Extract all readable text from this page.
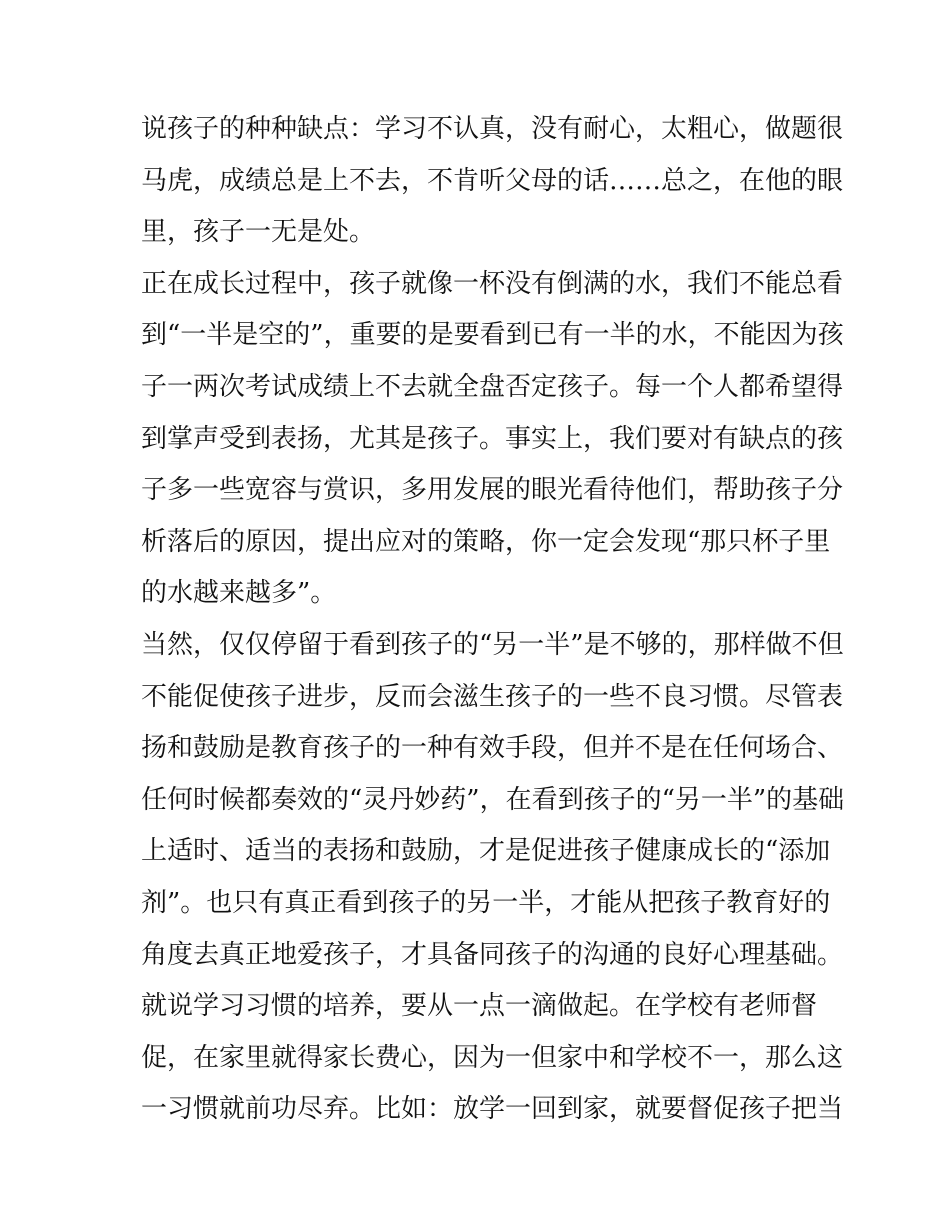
说孩子的种种缺点：学习不认真，没有耐心，太粗心，做题很
马虎，成绩总是上不去，不肯听父母的话……总之，在他的眼
里，孩子一无是处。
正在成长过程中，孩子就像一杯没有倒满的水，我们不能总看
到“一半是空的”，重要的是要看到已有一半的水，不能因为孩
子一两次考试成绩上不去就全盘否定孩子。每一个人都希望得
到掌声受到表扬，尤其是孩子。事实上，我们要对有缺点的孩
子多一些宽容与赏识，多用发展的眼光看待他们，帮助孩子分
析落后的原因，提出应对的策略，你一定会发现“那只杯子里
的水越来越多”。
当然，仅仅停留于看到孩子的“另一半”是不够的，那样做不但
不能促使孩子进步，反而会滋生孩子的一些不良习惯。尽管表
扬和鼓励是教育孩子的一种有效手段，但并不是在任何场合、
任何时候都奏效的“灵丹妙药”，在看到孩子的“另一半”的基础
上适时、适当的表扬和鼓励，才是促进孩子健康成长的“添加
剂”。也只有真正看到孩子的另一半，才能从把孩子教育好的
角度去真正地爱孩子，才具备同孩子的沟通的良好心理基础。
就说学习习惯的培养，要从一点一滴做起。在学校有老师督
促，在家里就得家长费心，因为一但家中和学校不一，那么这
一习惯就前功尽弃。比如：放学一回到家，就要督促孩子把当
